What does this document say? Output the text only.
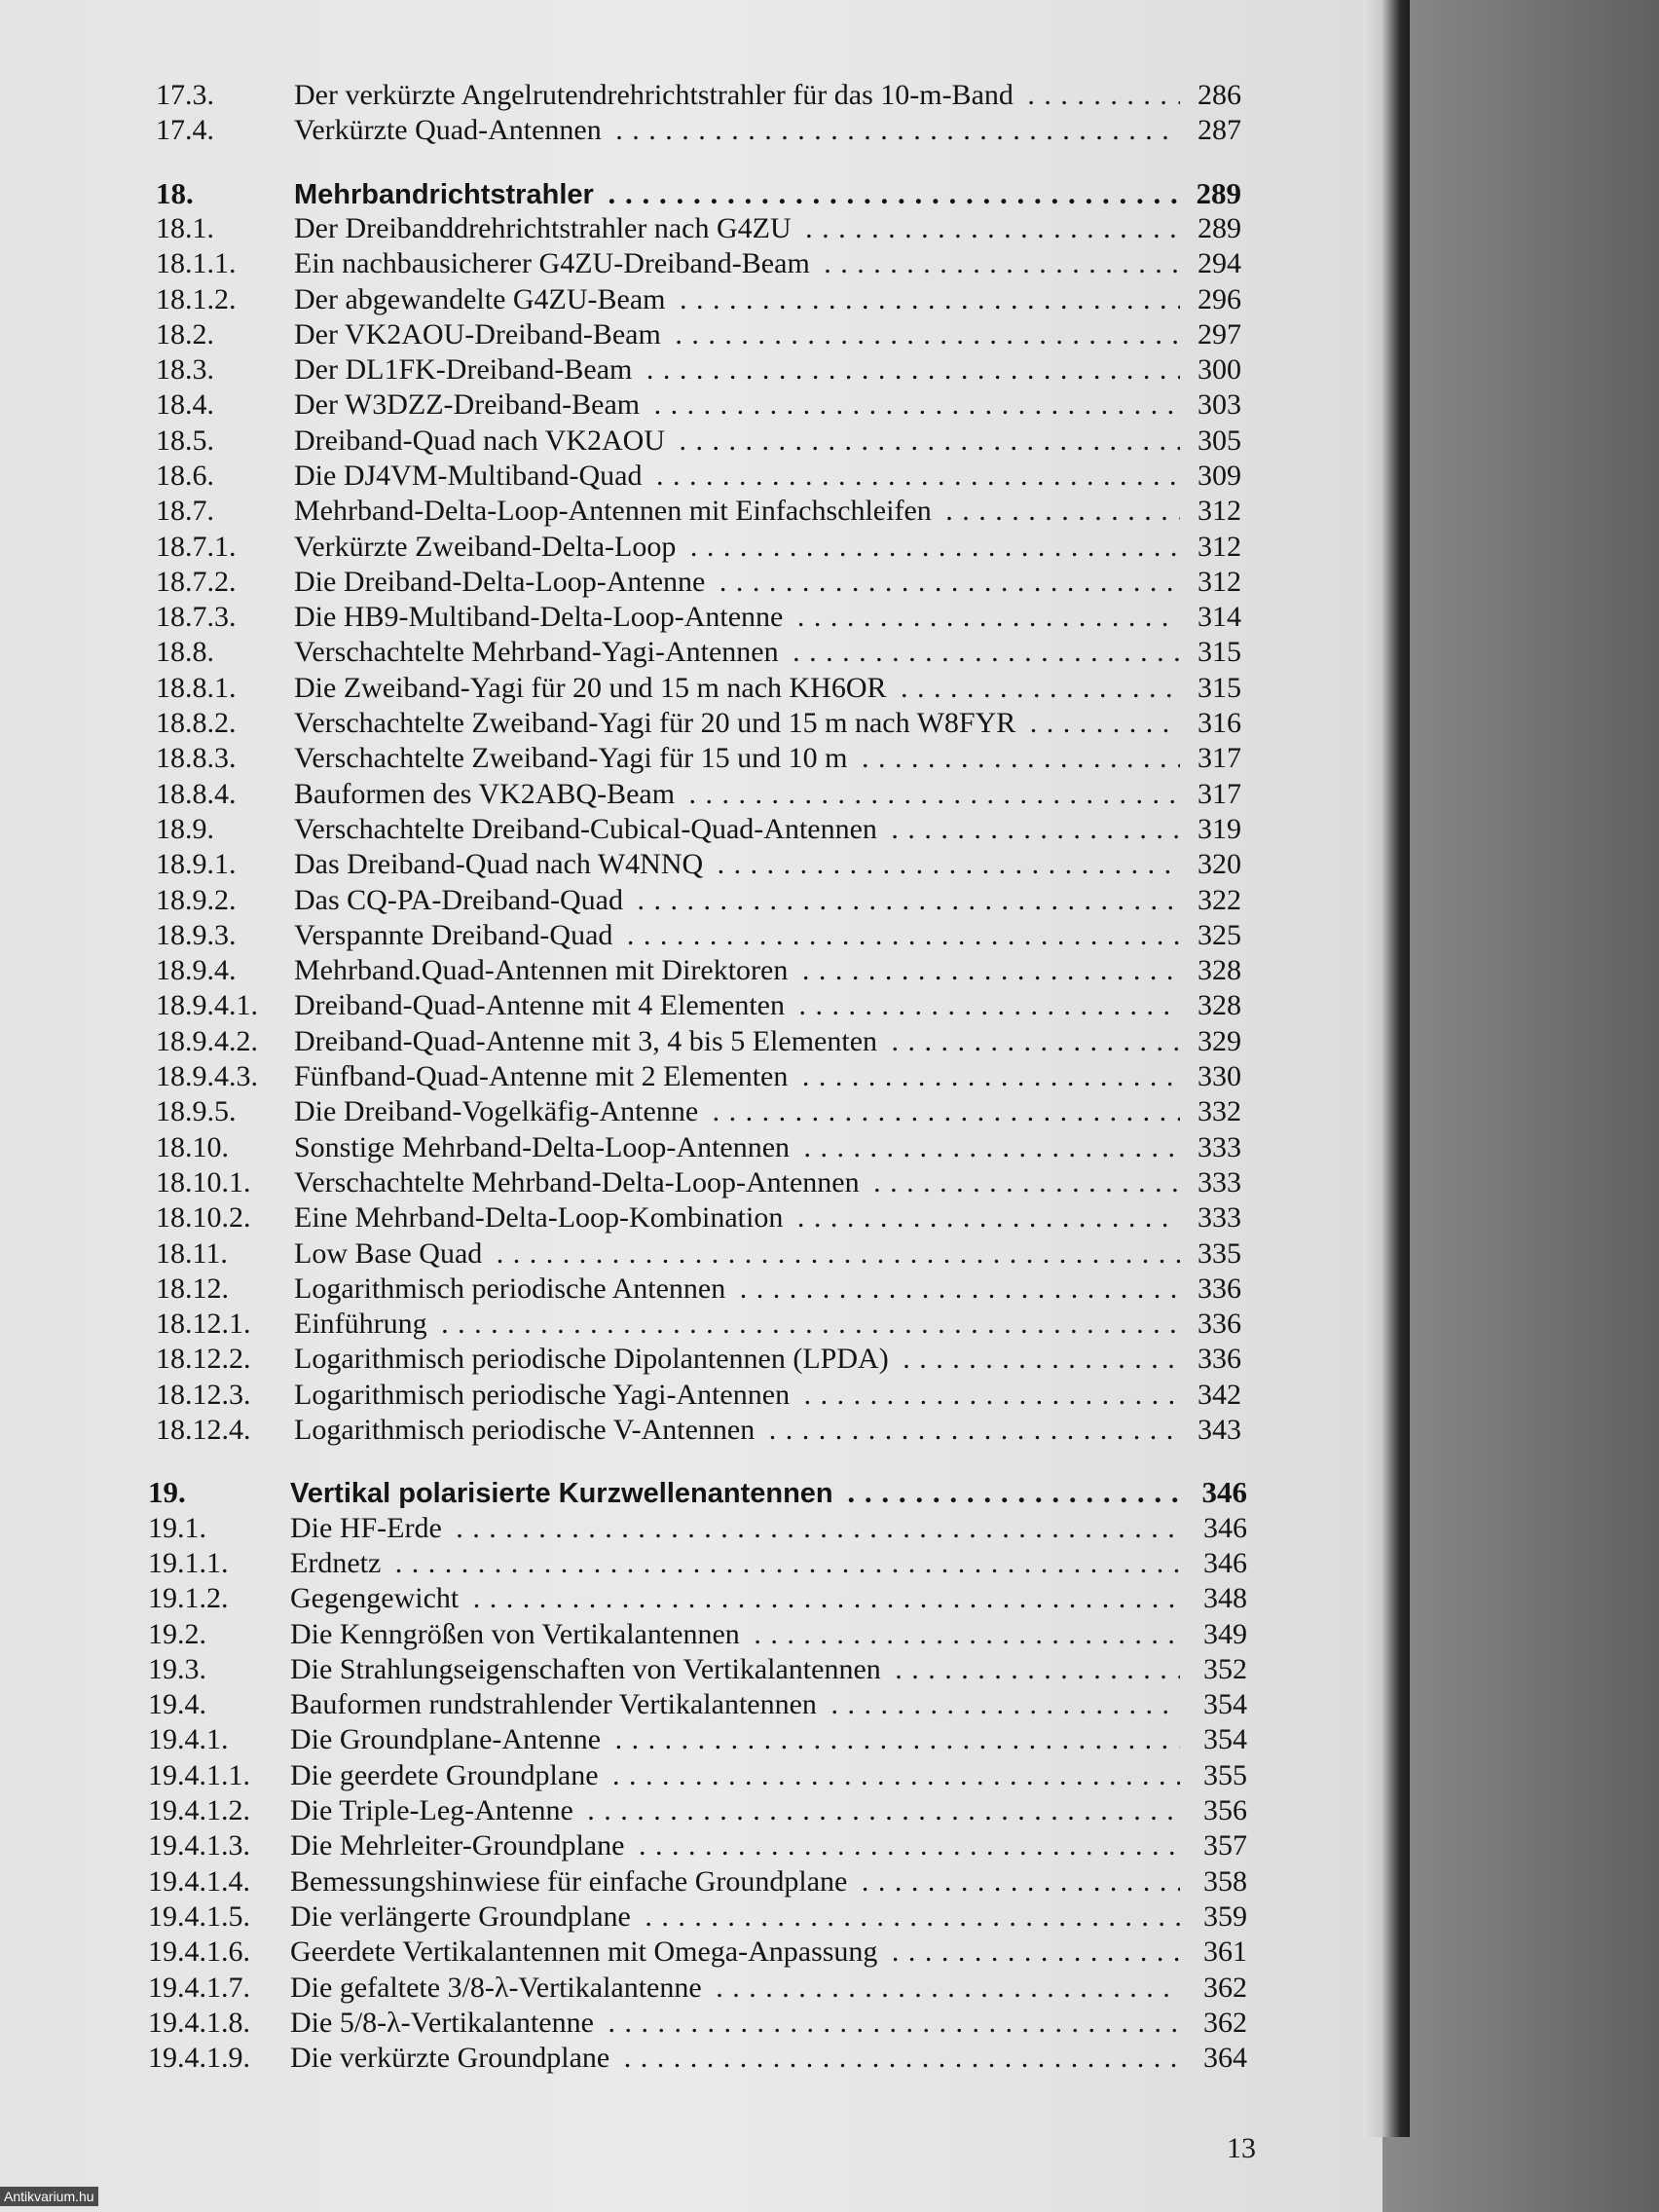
17.3.	Der verkürzte Angelrutendrehrichtstrahler für das 10-m-Band . . .	286
17.4.	Verkürzte Quad-Antennen . . .	287
18.	Mehrbandrichtstrahler . . .	289
18.1.	Der Dreibanddrehrichtstrahler nach G4ZU . . .	289
18.1.1. Ein nachbausicherer G4ZU-Dreiband-Beam . . .	294
18.1.2. Der abgewandelte G4ZU-Beam . . .	296
18.2.	Der VK2AOU-Dreiband-Beam . . .	297
18.3.	Der DL1FK-Dreiband-Beam . . .	300
18.4.	Der W3DZZ-Dreiband-Beam . . .	303
18.5.	Dreiband-Quad nach VK2AOU . . .	305
18.6.	Die DJ4VM-Multiband-Quad . . .	309
18.7.	Mehrband-Delta-Loop-Antennen mit Einfachschleifen . . .	312
18.7.1. Verkürzte Zweiband-Delta-Loop . . .	312
18.7.2. Die Dreiband-Delta-Loop-Antenne . . .	312
18.7.3. Die HB9-Multiband-Delta-Loop-Antenne . . .	314
18.8.	Verschachtelte Mehrband-Yagi-Antennen . . .	315
18.8.1. Die Zweiband-Yagi für 20 und 15 m nach KH6OR . . .	315
18.8.2. Verschachtelte Zweiband-Yagi für 20 und 15 m nach W8FYR . . .	316
18.8.3. Verschachtelte Zweiband-Yagi für 15 und 10 m . . .	317
18.8.4. Bauformen des VK2ABQ-Beam . . .	317
18.9.	Verschachtelte Dreiband-Cubical-Quad-Antennen . . .	319
18.9.1. Das Dreiband-Quad nach W4NNQ . . .	320
18.9.2. Das CQ-PA-Dreiband-Quad . . .	322
18.9.3. Verspannte Dreiband-Quad . . .	325
18.9.4. Mehrband.Quad-Antennen mit Direktoren . . .	328
18.9.4.1. Dreiband-Quad-Antenne mit 4 Elementen . . .	328
18.9.4.2. Dreiband-Quad-Antenne mit 3, 4 bis 5 Elementen . . .	329
18.9.4.3. Fünfband-Quad-Antenne mit 2 Elementen . . .	330
18.9.5. Die Dreiband-Vogelkäfig-Antenne . . .	332
18.10. Sonstige Mehrband-Delta-Loop-Antennen . . .	333
18.10.1. Verschachtelte Mehrband-Delta-Loop-Antennen . . .	333
18.10.2. Eine Mehrband-Delta-Loop-Kombination . . .	333
18.11. Low Base Quad . . .	335
18.12. Logarithmisch periodische Antennen . . .	336
18.12.1. Einführung . . .	336
18.12.2. Logarithmisch periodische Dipolantennen (LPDA) . . .	336
18.12.3. Logarithmisch periodische Yagi-Antennen . . .	342
18.12.4. Logarithmisch periodische V-Antennen . . .	343
19.	Vertikal polarisierte Kurzwellenantennen . . .	346
19.1.	Die HF-Erde . . .	346
19.1.1. Erdnetz . . .	346
19.1.2. Gegengewicht . . .	348
19.2.	Die Kenngrößen von Vertikalantennen . . .	349
19.3.	Die Strahlungseigenschaften von Vertikalantennen . . .	352
19.4.	Bauformen rundstrahlender Vertikalantennen . . .	354
19.4.1. Die Groundplane-Antenne . . .	354
19.4.1.1. Die geerdete Groundplane . . .	355
19.4.1.2. Die Triple-Leg-Antenne . . .	356
19.4.1.3. Die Mehrleiter-Groundplane . . .	357
19.4.1.4. Bemessungshinwiese für einfache Groundplane . . .	358
19.4.1.5. Die verlängerte Groundplane . . .	359
19.4.1.6. Geerdete Vertikalantennen mit Omega-Anpassung . . .	361
19.4.1.7. Die gefaltete 3/8-λ-Vertikalantenne . . .	362
19.4.1.8. Die 5/8-λ-Vertikalantenne . . .	362
19.4.1.9. Die verkürzte Groundplane . . .	364
13
Antikvarium.hu
